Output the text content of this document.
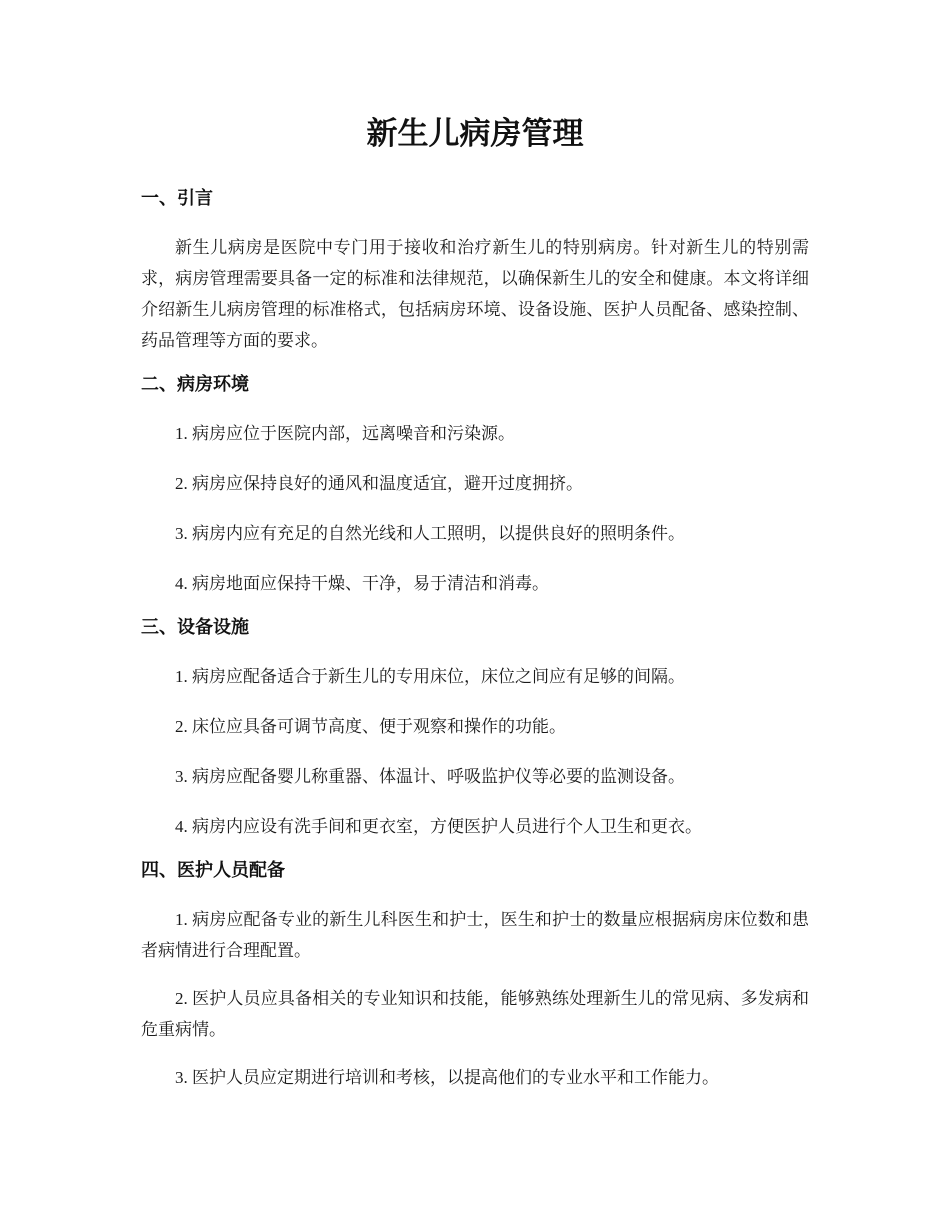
新生儿病房管理
一、引言

新生儿病房是医院中专门用于接收和治疗新生儿的特别病房。针对新生儿的特别需求，病房管理需要具备一定的标准和法律规范，以确保新生儿的安全和健康。本文将详细介绍新生儿病房管理的标准格式，包括病房环境、设备设施、医护人员配备、感染控制、药品管理等方面的要求。

二、病房环境

1. 病房应位于医院内部，远离噪音和污染源。

2. 病房应保持良好的通风和温度适宜，避开过度拥挤。

3. 病房内应有充足的自然光线和人工照明，以提供良好的照明条件。

4. 病房地面应保持干燥、干净，易于清洁和消毒。

三、设备设施

1. 病房应配备适合于新生儿的专用床位，床位之间应有足够的间隔。

2. 床位应具备可调节高度、便于观察和操作的功能。

3. 病房应配备婴儿称重器、体温计、呼吸监护仪等必要的监测设备。

4. 病房内应设有洗手间和更衣室，方便医护人员进行个人卫生和更衣。

四、医护人员配备

1. 病房应配备专业的新生儿科医生和护士，医生和护士的数量应根据病房床位数和患者病情进行合理配置。

2. 医护人员应具备相关的专业知识和技能，能够熟练处理新生儿的常见病、多发病和危重病情。

3. 医护人员应定期进行培训和考核，以提高他们的专业水平和工作能力。
